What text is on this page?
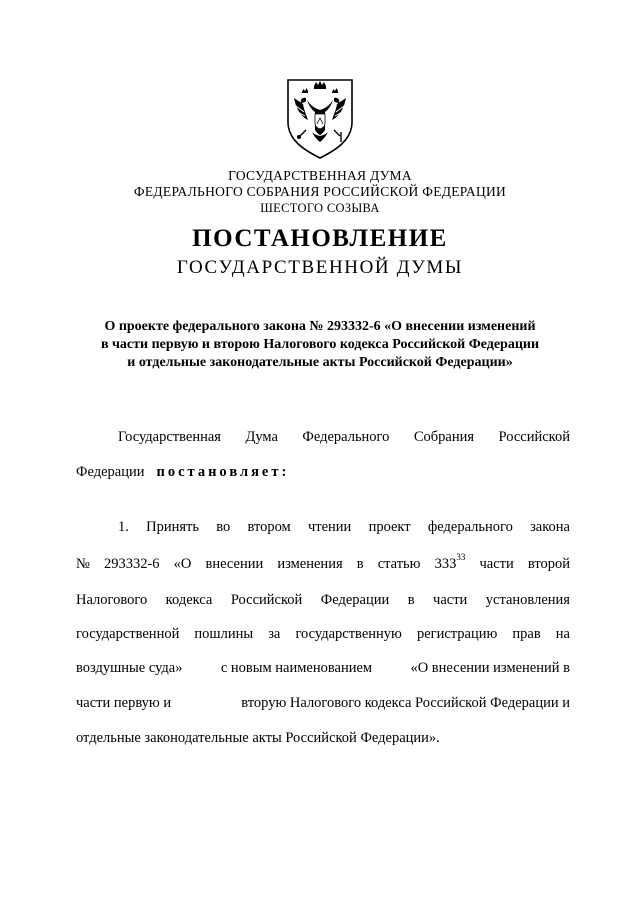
ГОСУДАРСТВЕННАЯ ДУМА
ФЕДЕРАЛЬНОГО СОБРАНИЯ РОССИЙСКОЙ ФЕДЕРАЦИИ
ШЕСТОГО СОЗЫВА
ПОСТАНОВЛЕНИЕ
ГОСУДАРСТВЕННОЙ ДУМЫ
О проекте федерального закона № 293332-6 «О внесении изменений
в части первую и второю Налогового кодекса Российской Федерации
и отдельные законодательные акты Российской Федерации»
Государственная Дума Федерального Собрания Российской
Федерации постановляет:
1. Принять во втором чтении проект федерального закона
№ 293332-6 «О внесении изменения в статью $333^{33}$ части второй
Налогового кодекса Российской Федерации в части установления
государственной пошлины за государственную регистрацию прав на
воздушные суда»	с новым наименованием	«О внесении изменений в
части первую и	вторую Налогового кодекса Российской Федерации и
отдельные законодательные акты Российской Федерации».
